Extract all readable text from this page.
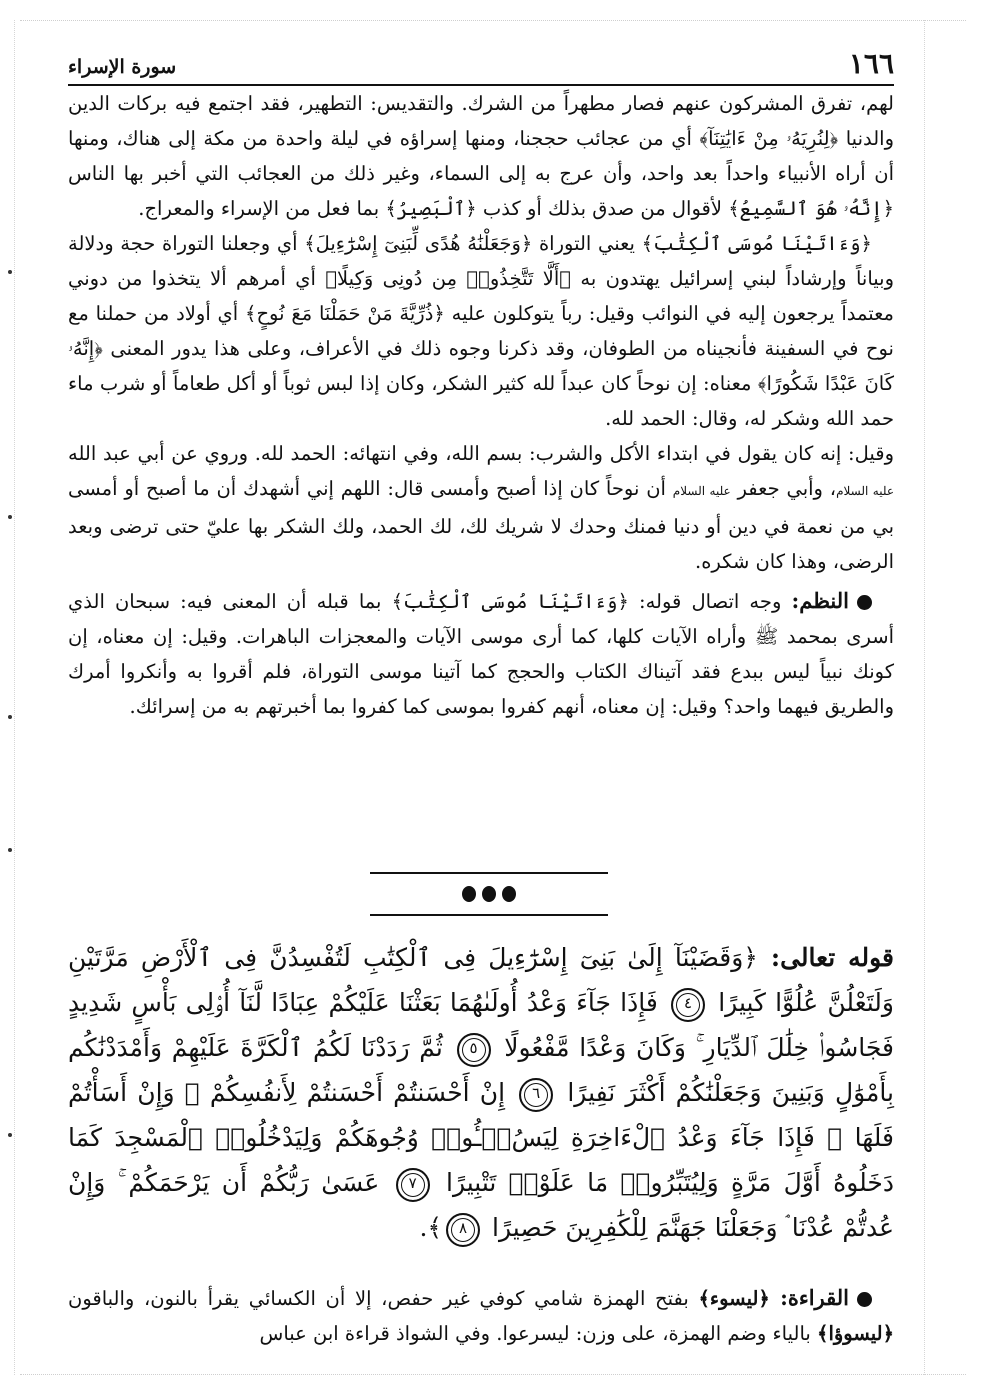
١٦٦
سورة الإسراء

لهم، تفرق المشركون عنهم فصار مطهراً من الشرك. والتقديس: التطهير، فقد اجتمع فيه بركات الدين والدنيا ﴿لِنُرِيَهُۥ مِنْ ءَايَٰتِنَآ﴾ أي من عجائب حججنا، ومنها إسراؤه في ليلة واحدة من مكة إلى هناك، ومنها أن أراه الأنبياء واحداً بعد واحد، وأن عرج به إلى السماء، وغير ذلك من العجائب التي أخبر بها الناس ﴿إِنَّهُۥ هُوَ ٱلسَّمِيعُ﴾ لأقوال من صدق بذلك أو كذب ﴿ٱلْبَصِيرُ﴾ بما فعل من الإسراء والمعراج.

﴿وَءَاتَيْنَا مُوسَى ٱلْكِتَٰبَ﴾ يعني التوراة ﴿وَجَعَلْنَٰهُ هُدًى لِّبَنِىٓ إِسْرَٰٓءِيلَ﴾ أي وجعلنا التوراة حجة ودلالة وبياناً وإرشاداً لبني إسرائيل يهتدون به ﴿أَلَّا تَتَّخِذُوا۟ مِن دُونِى وَكِيلًا﴾ أي أمرهم ألا يتخذوا من دوني معتمداً يرجعون إليه في النوائب وقيل: رباً يتوكلون عليه ﴿ذُرِّيَّةَ مَنْ حَمَلْنَا مَعَ نُوحٍ﴾ أي أولاد من حملنا مع نوح في السفينة فأنجيناه من الطوفان، وقد ذكرنا وجوه ذلك في الأعراف، وعلى هذا يدور المعنى ﴿إِنَّهُۥ كَانَ عَبْدًا شَكُورًا﴾ معناه: إن نوحاً كان عبداً لله كثير الشكر، وكان إذا لبس ثوباً أو أكل طعاماً أو شرب ماء حمد الله وشكر له، وقال: الحمد لله.

وقيل: إنه كان يقول في ابتداء الأكل والشرب: بسم الله، وفي انتهائه: الحمد لله. وروي عن أبي عبد الله عليه السلام، وأبي جعفر عليه السلام أن نوحاً كان إذا أصبح وأمسى قال: اللهم إني أشهدك أن ما أصبح أو أمسى بي من نعمة في دين أو دنيا فمنك وحدك لا شريك لك، لك الحمد، ولك الشكر بها عليّ حتى ترضى وبعد الرضى، وهذا كان شكره.

النظم: وجه اتصال قوله: ﴿وَءَاتَيْنَا مُوسَى ٱلْكِتَٰبَ﴾ بما قبله أن المعنى فيه: سبحان الذي أسرى بمحمد ﷺ وأراه الآيات كلها، كما أرى موسى الآيات والمعجزات الباهرات. وقيل: إن معناه، إن كونك نبياً ليس ببدع فقد آتيناك الكتاب والحجج كما آتينا موسى التوراة، فلم أقروا به وأنكروا أمرك والطريق فيهما واحد؟ وقيل: إن معناه، أنهم كفروا بموسى كما كفروا بما أخبرتهم به من إسرائك.

قوله تعالى: ﴿وَقَضَيْنَآ إِلَىٰ بَنِىٓ إِسْرَٰٓءِيلَ فِى ٱلْكِتَٰبِ لَتُفْسِدُنَّ فِى ٱلْأَرْضِ مَرَّتَيْنِ وَلَتَعْلُنَّ عُلُوًّا كَبِيرًا ٤ فَإِذَا جَآءَ وَعْدُ أُولَىٰهُمَا بَعَثْنَا عَلَيْكُمْ عِبَادًا لَّنَآ أُو۟لِى بَأْسٍ شَدِيدٍ فَجَاسُوا۟ خِلَٰلَ ٱلدِّيَارِ ۚ وَكَانَ وَعْدًا مَّفْعُولًا ٥ ثُمَّ رَدَدْنَا لَكُمُ ٱلْكَرَّةَ عَلَيْهِمْ وَأَمْدَدْنَٰكُم بِأَمْوَٰلٍ وَبَنِينَ وَجَعَلْنَٰكُمْ أَكْثَرَ نَفِيرًا ٦ إِنْ أَحْسَنتُمْ أَحْسَنتُمْ لِأَنفُسِكُمْ ۖ وَإِنْ أَسَأْتُمْ فَلَهَا ۚ فَإِذَا جَآءَ وَعْدُ ٱلْءَاخِرَةِ لِيَسُۥٓـُٔوا۟ وُجُوهَكُمْ وَلِيَدْخُلُوا۟ ٱلْمَسْجِدَ كَمَا دَخَلُوهُ أَوَّلَ مَرَّةٍ وَلِيُتَبِّرُوا۟ مَا عَلَوْا۟ تَتْبِيرًا ٧ عَسَىٰ رَبُّكُمْ أَن يَرْحَمَكُمْ ۚ وَإِنْ عُدتُّمْ عُدْنَا ۘ وَجَعَلْنَا جَهَنَّمَ لِلْكَٰفِرِينَ حَصِيرًا ٨﴾.

القراءة: ﴿ليسوء﴾ بفتح الهمزة شامي كوفي غير حفص، إلا أن الكسائي يقرأ بالنون، والباقون ﴿ليسوؤا﴾ بالياء وضم الهمزة، على وزن: ليسرعوا. وفي الشواذ قراءة ابن عباس
